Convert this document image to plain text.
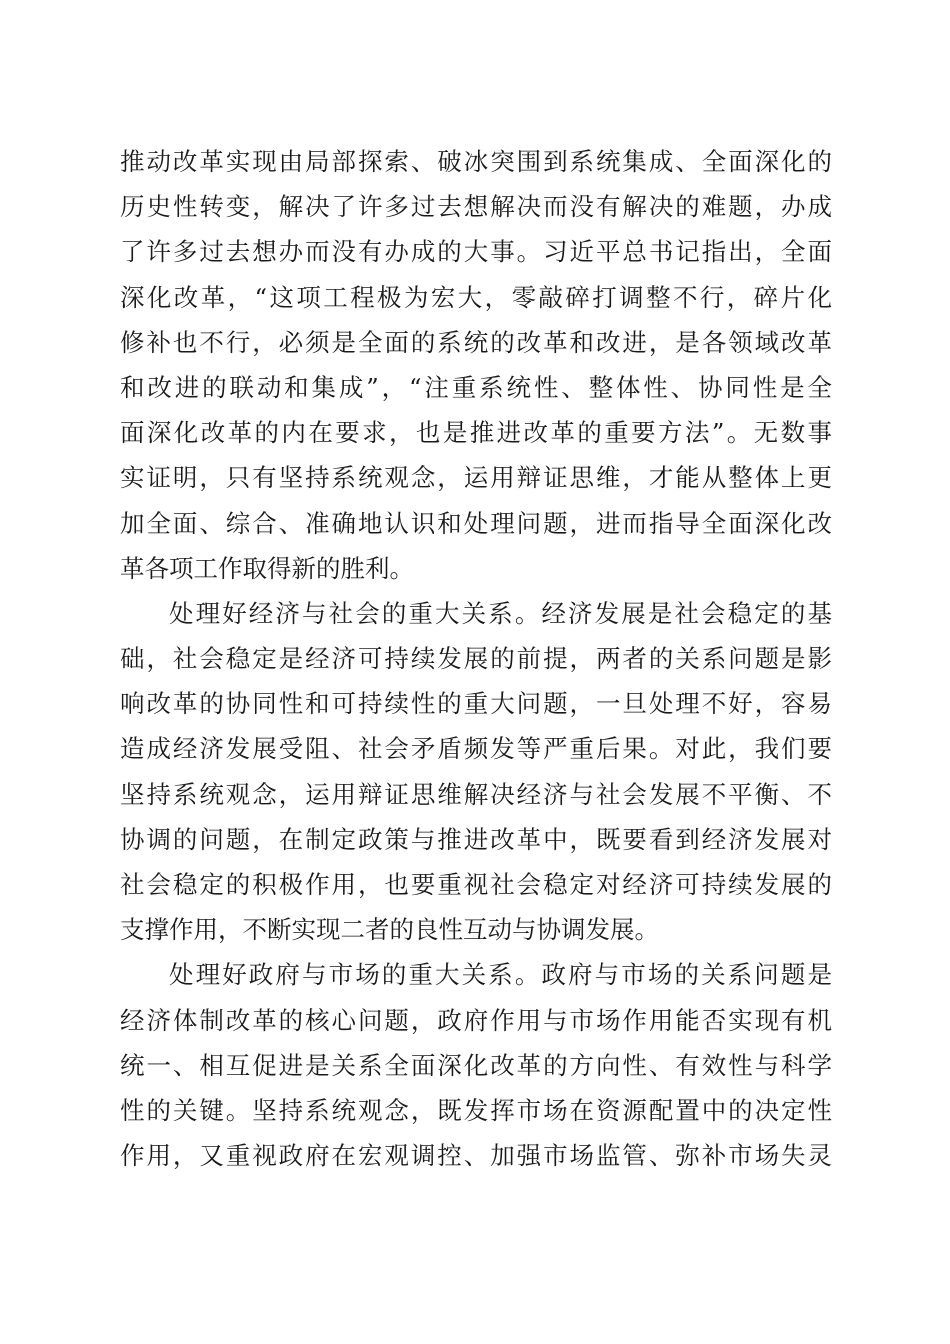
推动改革实现由局部探索、破冰突围到系统集成、全面深化的
历史性转变，解决了许多过去想解决而没有解决的难题，办成
了许多过去想办而没有办成的大事。习近平总书记指出，全面
深化改革，“这项工程极为宏大，零敲碎打调整不行，碎片化
修补也不行，必须是全面的系统的改革和改进，是各领域改革
和改进的联动和集成”，“注重系统性、整体性、协同性是全
面深化改革的内在要求，也是推进改革的重要方法”。无数事
实证明，只有坚持系统观念，运用辩证思维，才能从整体上更
加全面、综合、准确地认识和处理问题，进而指导全面深化改
革各项工作取得新的胜利。
处理好经济与社会的重大关系。经济发展是社会稳定的基
础，社会稳定是经济可持续发展的前提，两者的关系问题是影
响改革的协同性和可持续性的重大问题，一旦处理不好，容易
造成经济发展受阻、社会矛盾频发等严重后果。对此，我们要
坚持系统观念，运用辩证思维解决经济与社会发展不平衡、不
协调的问题，在制定政策与推进改革中，既要看到经济发展对
社会稳定的积极作用，也要重视社会稳定对经济可持续发展的
支撑作用，不断实现二者的良性互动与协调发展。
处理好政府与市场的重大关系。政府与市场的关系问题是
经济体制改革的核心问题，政府作用与市场作用能否实现有机
统一、相互促进是关系全面深化改革的方向性、有效性与科学
性的关键。坚持系统观念，既发挥市场在资源配置中的决定性
作用，又重视政府在宏观调控、加强市场监管、弥补市场失灵
